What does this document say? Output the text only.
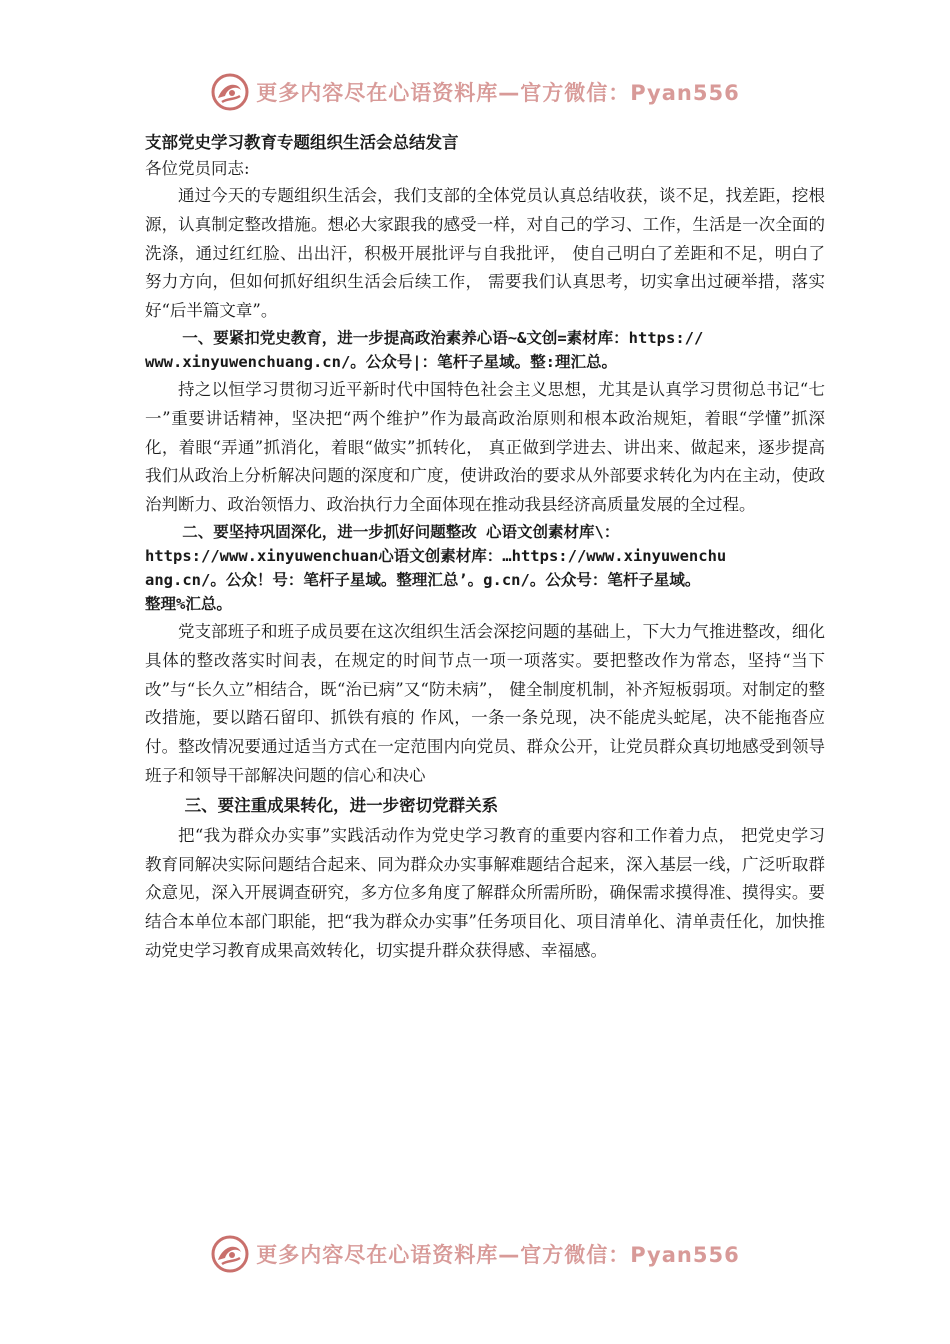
更多内容尽在心语资料库—官方微信：Pyan556

支部党史学习教育专题组织生活会总结发言

各位党员同志:

通过今天的专题组织生活会，我们支部的全体党员认真总结收获，谈不足，找差距，挖根源，认真制定整改措施。想必大家跟我的感受一样，对自己的学习、工作，生活是一次全面的洗涤，通过红红脸、出出汗，积极开展批评与自我批评， 使自己明白了差距和不足，明白了努力方向，但如何抓好组织生活会后续工作， 需要我们认真思考，切实拿出过硬举措，落实好“后半篇文章”。

一、要紧扣党史教育，进一步提高政治素养心语~&文创=素材库：https://

www.xinyuwenchuang.cn/。公众号|：笔杆子星域。整:理汇总。

持之以恒学习贯彻习近平新时代中国特色社会主义思想，尤其是认真学习贯彻总书记“七一”重要讲话精神，坚决把“两个维护”作为最高政治原则和根本政治规矩，着眼“学懂”抓深化，着眼“弄通”抓消化，着眼“做实”抓转化， 真正做到学进去、讲出来、做起来，逐步提高我们从政治上分析解决问题的深度和广度，使讲政治的要求从外部要求转化为内在主动，使政治判断力、政治领悟力、政治执行力全面体现在推动我县经济高质量发展的全过程。

二、要坚持巩固深化，进一步抓好问题整改 心语文创素材库\：

https://www.xinyuwenchuan心语文创素材库：…https://www.xinyuwenchu

ang.cn/。公众！号：笔杆子星域。整理汇总’。g.cn/。公众号：笔杆子星域。

整理%汇总。

党支部班子和班子成员要在这次组织生活会深挖问题的基础上，下大力气推进整改，细化具体的整改落实时间表，在规定的时间节点一项一项落实。要把整改作为常态，坚持“当下改”与“长久立”相结合，既“治已病”又“防未病”， 健全制度机制，补齐短板弱项。对制定的整改措施，要以踏石留印、抓铁有痕的 作风，一条一条兑现，决不能虎头蛇尾，决不能拖沓应付。整改情况要通过适当方式在一定范围内向党员、群众公开，让党员群众真切地感受到领导班子和领导干部解决问题的信心和决心

三、要注重成果转化，进一步密切党群关系

把“我为群众办实事”实践活动作为党史学习教育的重要内容和工作着力点， 把党史学习教育同解决实际问题结合起来、同为群众办实事解难题结合起来，深入基层一线，广泛听取群众意见，深入开展调查研究，多方位多角度了解群众所需所盼，确保需求摸得准、摸得实。要结合本单位本部门职能，把“我为群众办实事”任务项目化、项目清单化、清单责任化，加快推动党史学习教育成果高效转化，切实提升群众获得感、幸福感。

更多内容尽在心语资料库—官方微信：Pyan556
